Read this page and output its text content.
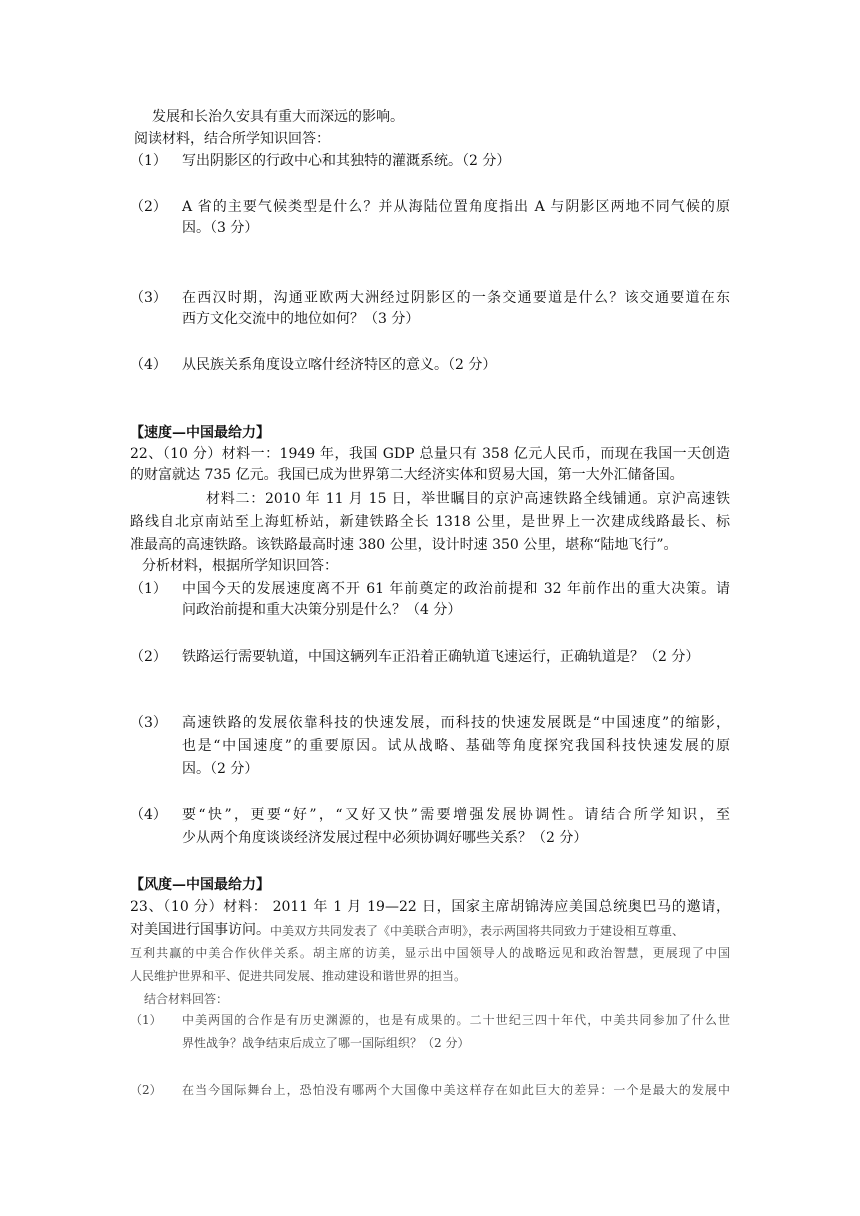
发展和长治久安具有重大而深远的影响。
阅读材料，结合所学知识回答：
（1） 写出阴影区的行政中心和其独特的灌溉系统。（2 分）
（2） A 省的主要气候类型是什么？并从海陆位置角度指出 A 与阴影区两地不同气候的原
因。（3 分）
（3） 在西汉时期，沟通亚欧两大洲经过阴影区的一条交通要道是什么？该交通要道在东
西方文化交流中的地位如何？（3 分）
（4） 从民族关系角度设立喀什经济特区的意义。（2 分）
【速度—中国最给力】
22、（10 分）材料一：1949 年，我国 GDP 总量只有 358 亿元人民币，而现在我国一天创造
的财富就达 735 亿元。我国已成为世界第二大经济实体和贸易大国，第一大外汇储备国。
材料二：2010 年 11 月 15 日，举世瞩目的京沪高速铁路全线铺通。京沪高速铁
路线自北京南站至上海虹桥站，新建铁路全长 1318 公里，是世界上一次建成线路最长、标
准最高的高速铁路。该铁路最高时速 380 公里，设计时速 350 公里，堪称“陆地飞行”。
分析材料，根据所学知识回答：
（1） 中国今天的发展速度离不开 61 年前奠定的政治前提和 32 年前作出的重大决策。请
问政治前提和重大决策分别是什么？（4 分）
（2） 铁路运行需要轨道，中国这辆列车正沿着正确轨道飞速运行，正确轨道是？（2 分）
（3） 高速铁路的发展依靠科技的快速发展，而科技的快速发展既是“中国速度”的缩影，
也是“中国速度”的重要原因。试从战略、基础等角度探究我国科技快速发展的原
因。（2 分）
（4） 要“快”，更要“好”，“又好又快”需要增强发展协调性。请结合所学知识，至
少从两个角度谈谈经济发展过程中必须协调好哪些关系？（2 分）
【风度—中国最给力】
23、（10 分）材料： 2011 年 1 月 19—22 日，国家主席胡锦涛应美国总统奥巴马的邀请，
对美国进行国事访问。 中美双方共同发表了《中美联合声明》，表示两国将共同致力于建设相互尊重、
互利共赢的中美合作伙伴关系。胡主席的访美，显示出中国领导人的战略远见和政治智慧，更展现了中国
人民维护世界和平、促进共同发展、推动建设和谐世界的担当。
结合材料回答：
（1） 中美两国的合作是有历史渊源的，也是有成果的。二十世纪三四十年代，中美共同参加了什么世
界性战争？战争结束后成立了哪一国际组织？（2 分）
（2） 在当今国际舞台上，恐怕没有哪两个大国像中美这样存在如此巨大的差异：一个是最大的发展中
